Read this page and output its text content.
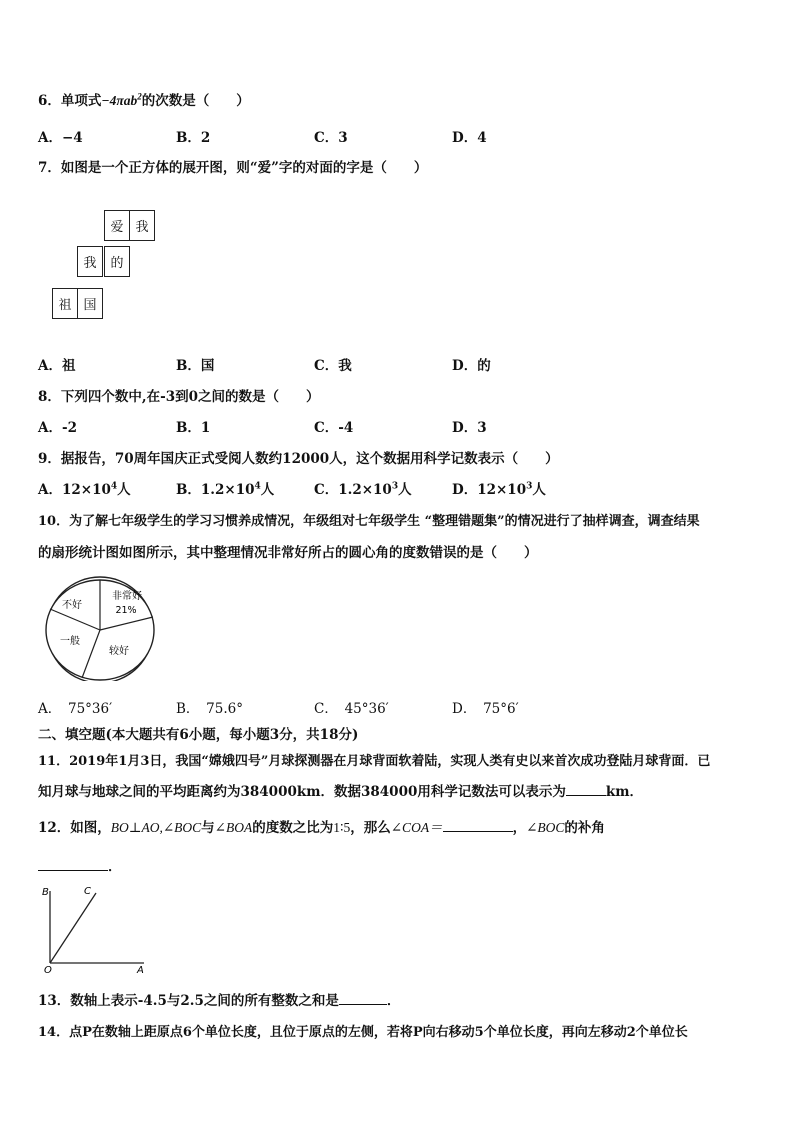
6．单项式−4πab$^2$的次数是（　　）
A．−4	B．2	C．3	D．4
7．如图是一个正方体的展开图，则“爱”字的对面的字是（　　）
爱 我
我	的
祖 国
A．祖	B．国	C．我	D．的
8．下列四个数中,在-3到0之间的数是（　　）
A．-2	B．1	C．-4	D．3
9．据报告，70周年国庆正式受阅人数约12000人，这个数据用科学记数表示（　　）
A．$12\times 10^4$人	B．$1.2\times 10^4$人	C．$1.2\times 10^3$人	D．$12\times 10^3$人
10．为了解七年级学生的学习习惯养成情况，年级组对七年级学生 “整理错题集”的情况进行了抽样调查，调查结果
的扇形统计图如图所示，其中整理情况非常好所占的圆心角的度数错误的是（　　）
不好
非常好
21%
一般
较好
A．　75°36′	B．　75.6°	C．　45°36′	D．　75°6′
二、填空题(本大题共有6小题，每小题3分，共18分)
11．2019年1月3日，我国“嫦娥四号”月球探测器在月球背面软着陆，实现人类有史以来首次成功登陆月球背面．已
知月球与地球之间的平均距离约为384000km．数据384000用科学记数法可以表示为	km．
12．如图，BO⊥AO,∠BOC与∠BOA的度数之比为1∶5，那么∠COA＝	，∠BOC的补角
．
B	C
O	A
13．数轴上表示-4.5与2.5之间的所有整数之和是	．
14．点P在数轴上距原点6个单位长度，且位于原点的左侧，若将P向右移动5个单位长度，再向左移动2个单位长
